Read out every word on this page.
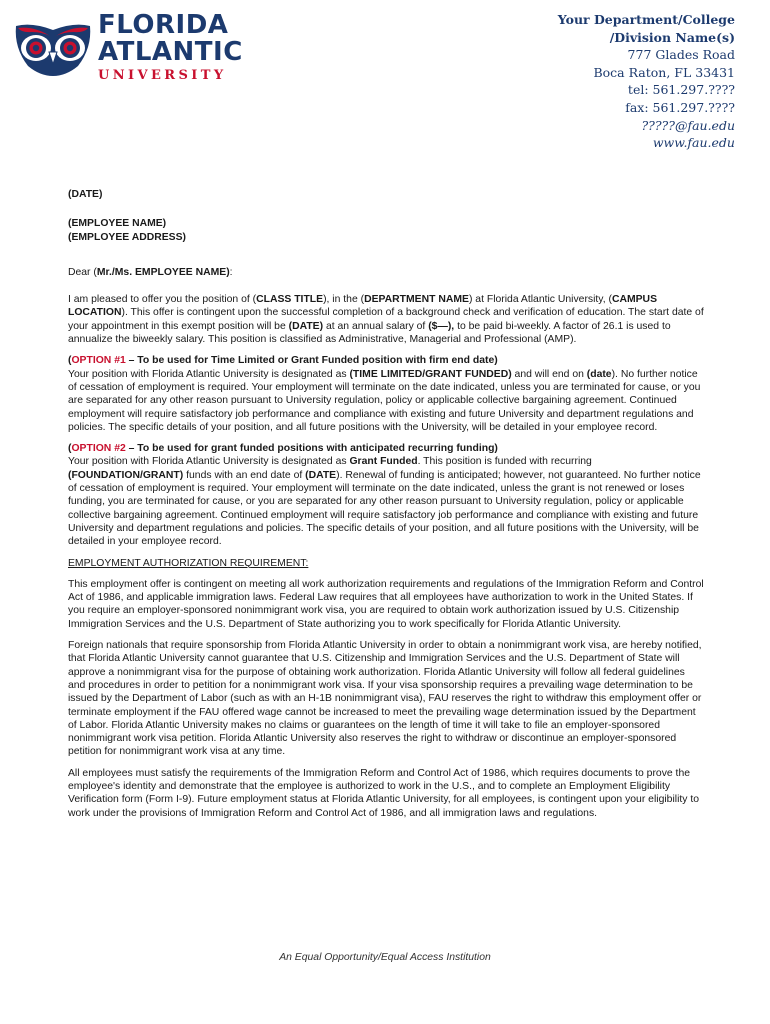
FLORIDA
ATLANTIC
UNIVERSITY
Your Department/College
/Division Name(s)
777 Glades Road
Boca Raton, FL 33431
tel: 561.297.????
fax: 561.297.????
?????@fau.edu
www.fau.edu

(DATE)

(EMPLOYEE NAME)

(EMPLOYEE ADDRESS)

Dear (Mr./Ms. EMPLOYEE NAME):

I am pleased to offer you the position of (CLASS TITLE), in the (DEPARTMENT NAME) at Florida Atlantic University, (CAMPUS LOCATION). This offer is contingent upon the successful completion of a background check and verification of education. The start date of your appointment in this exempt position will be (DATE) at an annual salary of ($—), to be paid bi-weekly. A factor of 26.1 is used to annualize the biweekly salary. This position is classified as Administrative, Managerial and Professional (AMP).

(OPTION #1 – To be used for Time Limited or Grant Funded position with firm end date)
Your position with Florida Atlantic University is designated as (TIME LIMITED/GRANT FUNDED) and will end on (date). No further notice of cessation of employment is required. Your employment will terminate on the date indicated, unless you are terminated for cause, or you are separated for any other reason pursuant to University regulation, policy or applicable collective bargaining agreement. Continued employment will require satisfactory job performance and compliance with existing and future University and department regulations and policies. The specific details of your position, and all future positions with the University, will be detailed in your employee record.

(OPTION #2 – To be used for grant funded positions with anticipated recurring funding)
Your position with Florida Atlantic University is designated as Grant Funded. This position is funded with recurring (FOUNDATION/GRANT) funds with an end date of (DATE). Renewal of funding is anticipated; however, not guaranteed. No further notice of cessation of employment is required. Your employment will terminate on the date indicated, unless the grant is not renewed or loses funding, you are terminated for cause, or you are separated for any other reason pursuant to University regulation, policy or applicable collective bargaining agreement. Continued employment will require satisfactory job performance and compliance with existing and future University and department regulations and policies. The specific details of your position, and all future positions with the University, will be detailed in your employee record.

EMPLOYMENT AUTHORIZATION REQUIREMENT:

This employment offer is contingent on meeting all work authorization requirements and regulations of the Immigration Reform and Control Act of 1986, and applicable immigration laws. Federal Law requires that all employees have authorization to work in the United States. If you require an employer-sponsored nonimmigrant work visa, you are required to obtain work authorization issued by U.S. Citizenship Immigration Services and the U.S. Department of State authorizing you to work specifically for Florida Atlantic University.

Foreign nationals that require sponsorship from Florida Atlantic University in order to obtain a nonimmigrant work visa, are hereby notified, that Florida Atlantic University cannot guarantee that U.S. Citizenship and Immigration Services and the U.S. Department of State will approve a nonimmigrant visa for the purpose of obtaining work authorization. Florida Atlantic University will follow all federal guidelines and procedures in order to petition for a nonimmigrant work visa. If your visa sponsorship requires a prevailing wage determination to be issued by the Department of Labor (such as with an H-1B nonimmigrant visa), FAU reserves the right to withdraw this employment offer or terminate employment if the FAU offered wage cannot be increased to meet the prevailing wage determination issued by the Department of Labor. Florida Atlantic University makes no claims or guarantees on the length of time it will take to file an employer-sponsored nonimmigrant work visa petition. Florida Atlantic University also reserves the right to withdraw or discontinue an employer-sponsored petition for nonimmigrant work visa at any time.

All employees must satisfy the requirements of the Immigration Reform and Control Act of 1986, which requires documents to prove the employee's identity and demonstrate that the employee is authorized to work in the U.S., and to complete an Employment Eligibility Verification form (Form I-9). Future employment status at Florida Atlantic University, for all employees, is contingent upon your eligibility to work under the provisions of Immigration Reform and Control Act of 1986, and all immigration laws and regulations.

An Equal Opportunity/Equal Access Institution
